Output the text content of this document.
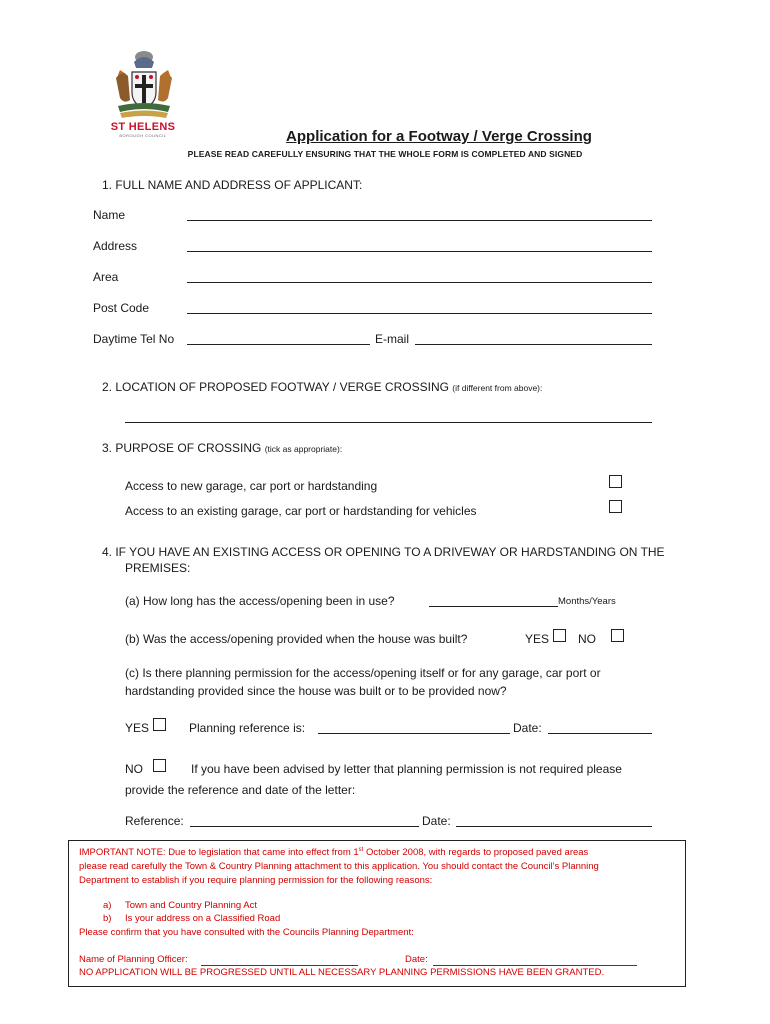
ST HELENS
BOROUGH COUNCIL	Application for a Footway / Verge Crossing
PLEASE READ CAREFULLY ENSURING THAT THE WHOLE FORM IS COMPLETED AND SIGNED
1. FULL NAME AND ADDRESS OF APPLICANT:
Name
Address
Area
Post Code
Daytime Tel No	E-mail
2. LOCATION OF PROPOSED FOOTWAY / VERGE CROSSING (if different from above):
3. PURPOSE OF CROSSING (tick as appropriate):
Access to new garage, car port or hardstanding
Access to an existing garage, car port or hardstanding for vehicles
4. IF YOU HAVE AN EXISTING ACCESS OR OPENING TO A DRIVEWAY OR HARDSTANDING ON THE
PREMISES:
(a) How long has the access/opening been in use?	Months/Years
(b) Was the access/opening provided when the house was built?	YES NO
(c) Is there planning permission for the access/opening itself or for any garage, car port or
hardstanding provided since the house was built or to be provided now?
YES	Planning reference is:	Date:
NO	If you have been advised by letter that planning permission is not required please
provide the reference and date of the letter:
Reference:	Date:
IMPORTANT NOTE: Due to legislation that came into effect from 1st October 2008, with regards to proposed paved areas
please read carefully the Town & Country Planning attachment to this application. You should contact the Council’s Planning
Department to establish if you require planning permission for the following reasons:
a) Town and Country Planning Act
b) Is your address on a Classified Road
Please confirm that you have consulted with the Councils Planning Department:
Name of Planning Officer:	Date:
NO APPLICATION WILL BE PROGRESSED UNTIL ALL NECESSARY PLANNING PERMISSIONS HAVE BEEN GRANTED.
